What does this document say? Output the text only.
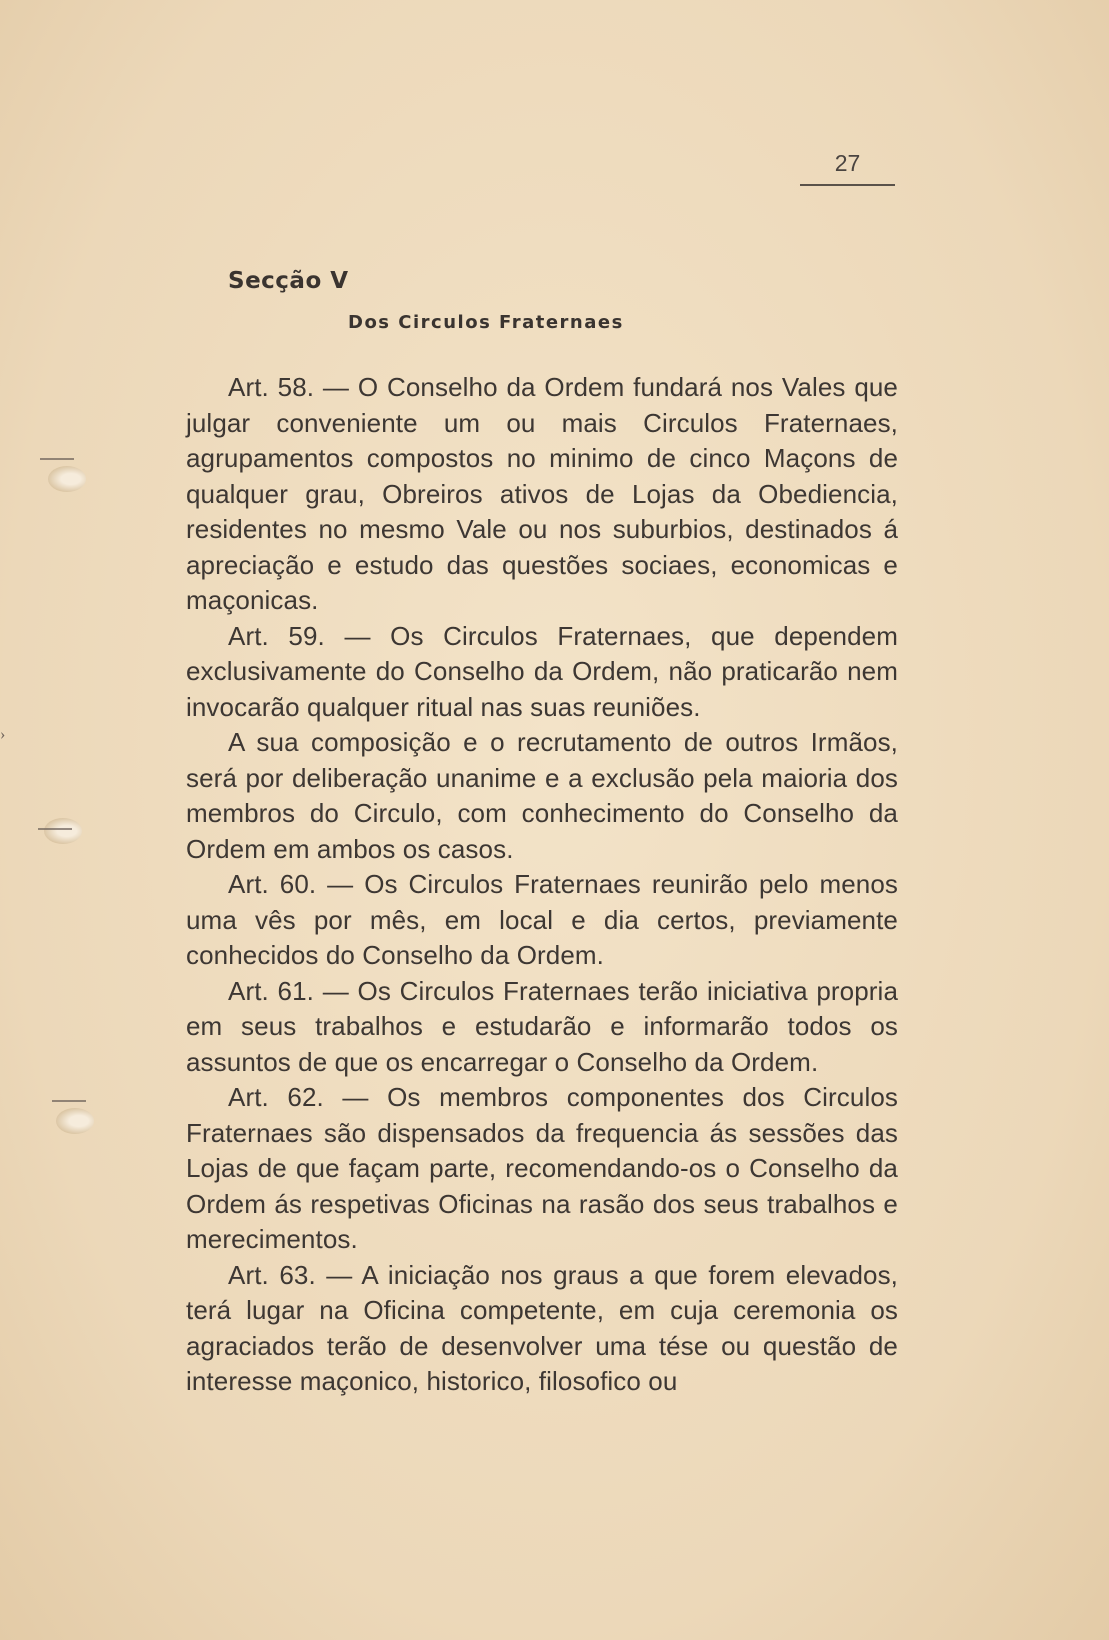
›
27
Secção V
Dos Circulos Fraternaes

Art. 58. — O Conselho da Ordem fundará nos Vales que julgar conveniente um ou mais Circulos Fraternaes, agrupamentos compostos no minimo de cinco Maçons de qualquer grau, Obreiros ativos de Lojas da Obediencia, residentes no mesmo Vale ou nos suburbios, destinados á apreciação e estudo das questões sociaes, economicas e maçonicas.

Art. 59. — Os Circulos Fraternaes, que dependem exclusivamente do Conselho da Ordem, não praticarão nem invocarão qualquer ritual nas suas reuniões.

A sua composição e o recrutamento de outros Irmãos, será por deliberação unanime e a exclusão pela maioria dos membros do Circulo, com conhecimento do Conselho da Ordem em ambos os casos.

Art. 60. — Os Circulos Fraternaes reunirão pelo menos uma vês por mês, em local e dia certos, previamente conhecidos do Conselho da Ordem.

Art. 61. — Os Circulos Fraternaes terão iniciativa propria em seus trabalhos e estudarão e informarão todos os assuntos de que os encarregar o Conselho da Ordem.

Art. 62. — Os membros componentes dos Circulos Fraternaes são dispensados da frequencia ás sessões das Lojas de que façam parte, recomendando-os o Conselho da Ordem ás respetivas Oficinas na rasão dos seus trabalhos e merecimentos.

Art. 63. — A iniciação nos graus a que forem elevados, terá lugar na Oficina competente, em cuja ceremonia os agraciados terão de desenvolver uma tése ou questão de interesse maçonico, historico, filosofico ou
